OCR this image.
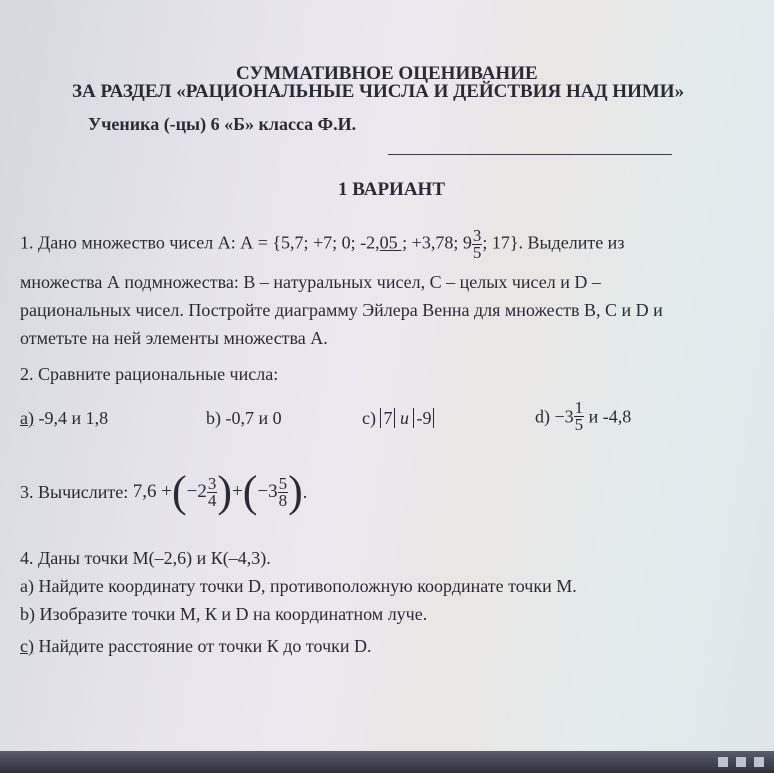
СУММАТИВНОЕ ОЦЕНИВАНИЕ
ЗА РАЗДЕЛ «РАЦИОНАЛЬНЫЕ ЧИСЛА И ДЕЙСТВИЯ НАД НИМИ»
Ученика (-цы) 6 «Б» класса Ф.И.
1 ВАРИАНТ
1. Дано множество чисел А: А = {5,7; +7; 0; -2,05 ; +3,78; $9 \frac{3}{5}$ ; 17}. Выделите из
множества А подмножества: В – натуральных чисел, С – целых чисел и D –
рациональных чисел. Постройте диаграмму Эйлера Венна для множеств B, C и D и
отметьте на ней элементы множества A.
2. Сравните рациональные числа:
а) -9,4 и 1,8	b) -0,7 и 0	c) 7 и -9	$d) -3 \frac{1}{5}$ и -4,8
3. Вычислите: $7,6 +(-2 \frac{3}{4} )+(-3 \frac{5}{8}$ ).
4. Даны точки М(–2,6) и К(–4,3).
а) Найдите координату точки D, противоположную координате точки М.
b) Изобразите точки М, К и D на координатном луче.
c) Найдите расстояние от точки К до точки D.
